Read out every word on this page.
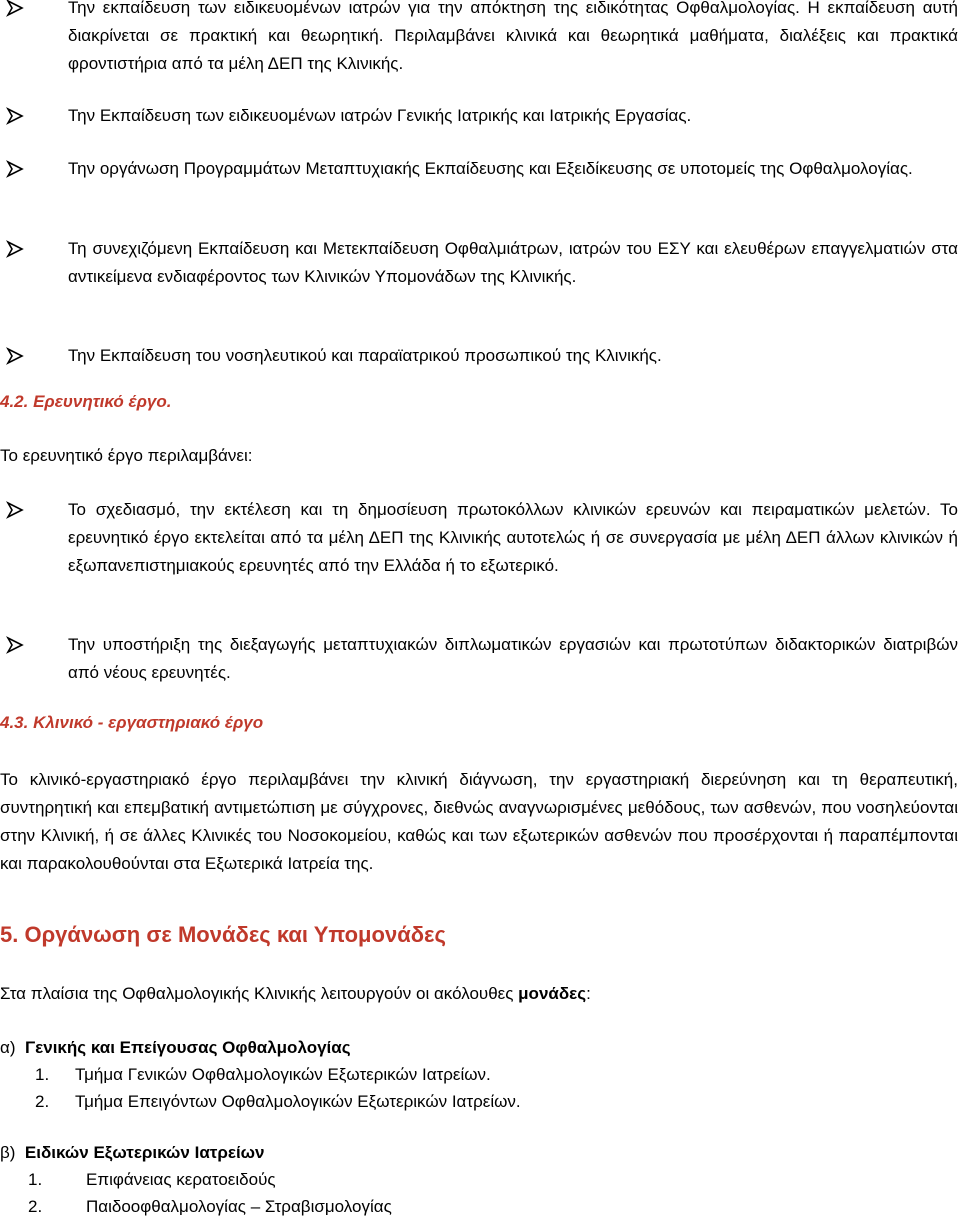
Την εκπαίδευση των ειδικευομένων ιατρών για την απόκτηση της ειδικότητας Οφθαλμολογίας. Η εκπαίδευση αυτή διακρίνεται σε πρακτική και θεωρητική. Περιλαμβάνει κλινικά και θεωρητικά μαθήματα, διαλέξεις και πρακτικά φροντιστήρια από τα μέλη ΔΕΠ της Κλινικής.
Την Εκπαίδευση των ειδικευομένων ιατρών Γενικής Ιατρικής και Ιατρικής Εργασίας.
Την οργάνωση Προγραμμάτων Μεταπτυχιακής Εκπαίδευσης και Εξειδίκευσης σε υποτομείς της Οφθαλμολογίας.
Τη συνεχιζόμενη Εκπαίδευση και Μετεκπαίδευση Οφθαλμιάτρων, ιατρών του ΕΣΥ και ελευθέρων επαγγελματιών στα αντικείμενα ενδιαφέροντος των Κλινικών Υπομονάδων της Κλινικής.
Την Εκπαίδευση του νοσηλευτικού και παραϊατρικού προσωπικού της Κλινικής.
4.2. Ερευνητικό έργο.
Το ερευνητικό έργο περιλαμβάνει:
Το σχεδιασμό, την εκτέλεση και τη δημοσίευση πρωτοκόλλων κλινικών ερευνών και πειραματικών μελετών. Το ερευνητικό έργο εκτελείται από τα μέλη ΔΕΠ της Κλινικής αυτοτελώς ή σε συνεργασία με μέλη ΔΕΠ άλλων κλινικών ή εξωπανεπιστημιακούς ερευνητές από την Ελλάδα ή το εξωτερικό.
Την υποστήριξη της διεξαγωγής μεταπτυχιακών διπλωματικών εργασιών και πρωτοτύπων διδακτορικών διατριβών από νέους ερευνητές.
4.3. Κλινικό - εργαστηριακό έργο
Το κλινικό-εργαστηριακό έργο περιλαμβάνει την κλινική διάγνωση, την εργαστηριακή διερεύνηση και τη θεραπευτική, συντηρητική και επεμβατική αντιμετώπιση με σύγχρονες, διεθνώς αναγνωρισμένες μεθόδους, των ασθενών, που νοσηλεύονται στην Κλινική, ή σε άλλες Κλινικές του Νοσοκομείου, καθώς και των εξωτερικών ασθενών που προσέρχονται ή παραπέμπονται και παρακολουθούνται στα Εξωτερικά Ιατρεία της.
5. Οργάνωση σε Μονάδες και Υπομονάδες
Στα πλαίσια της Οφθαλμολογικής Κλινικής λειτουργούν οι ακόλουθες μονάδες:
α) Γενικής και Επείγουσας Οφθαλμολογίας
1. Τμήμα Γενικών Οφθαλμολογικών Εξωτερικών Ιατρείων.
2. Τμήμα Επειγόντων Οφθαλμολογικών Εξωτερικών Ιατρείων.
β) Ειδικών Εξωτερικών Ιατρείων
1.	Επιφάνειας κερατοειδούς
2.	Παιδοοφθαλμολογίας – Στραβισμολογίας
